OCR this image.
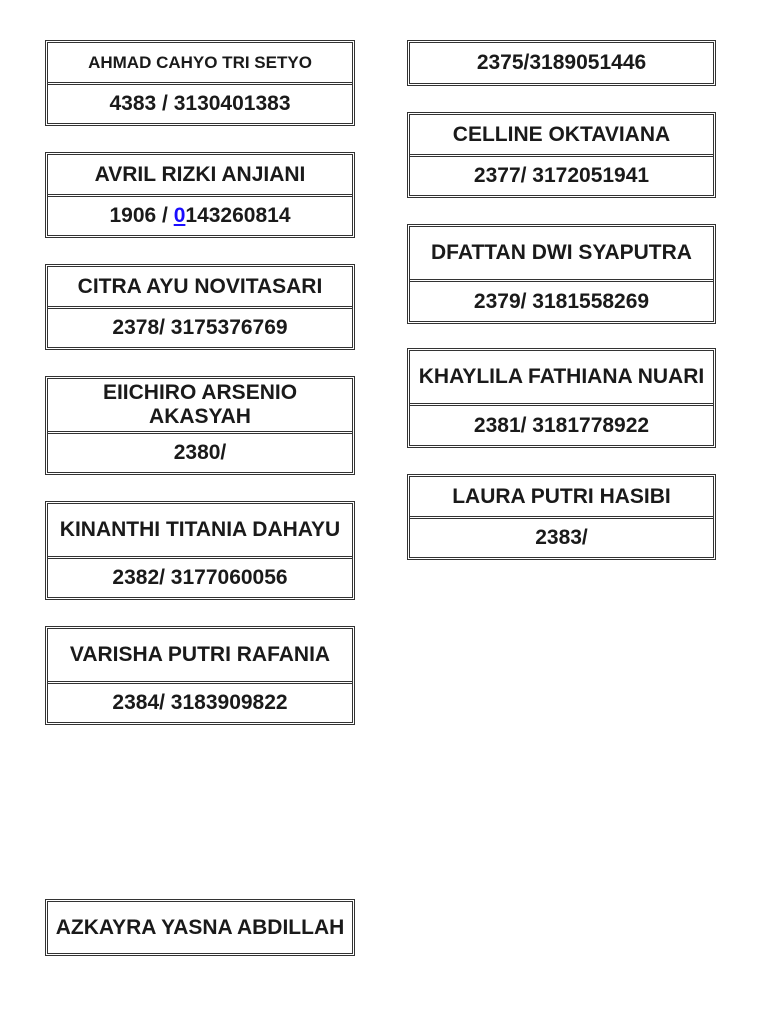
AHMAD CAHYO TRI SETYO
4383 / 3130401383
AVRIL RIZKI ANJIANI
1906 / 0 143260814
CITRA AYU NOVITASARI
2378/ 3175376769
EIICHIRO ARSENIO AKASYAH
2380/
KINANTHI TITANIA DAHAYU
2382/ 3177060056
VARISHA PUTRI RAFANIA
2384/ 3183909822
AZKAYRA YASNA ABDILLAH
2375/3189051446
CELLINE OKTAVIANA
2377/ 3172051941
DFATTAN DWI SYAPUTRA
2379/ 3181558269
KHAYLILA FATHIANA NUARI
2381/ 3181778922
LAURA PUTRI HASIBI
2383/
